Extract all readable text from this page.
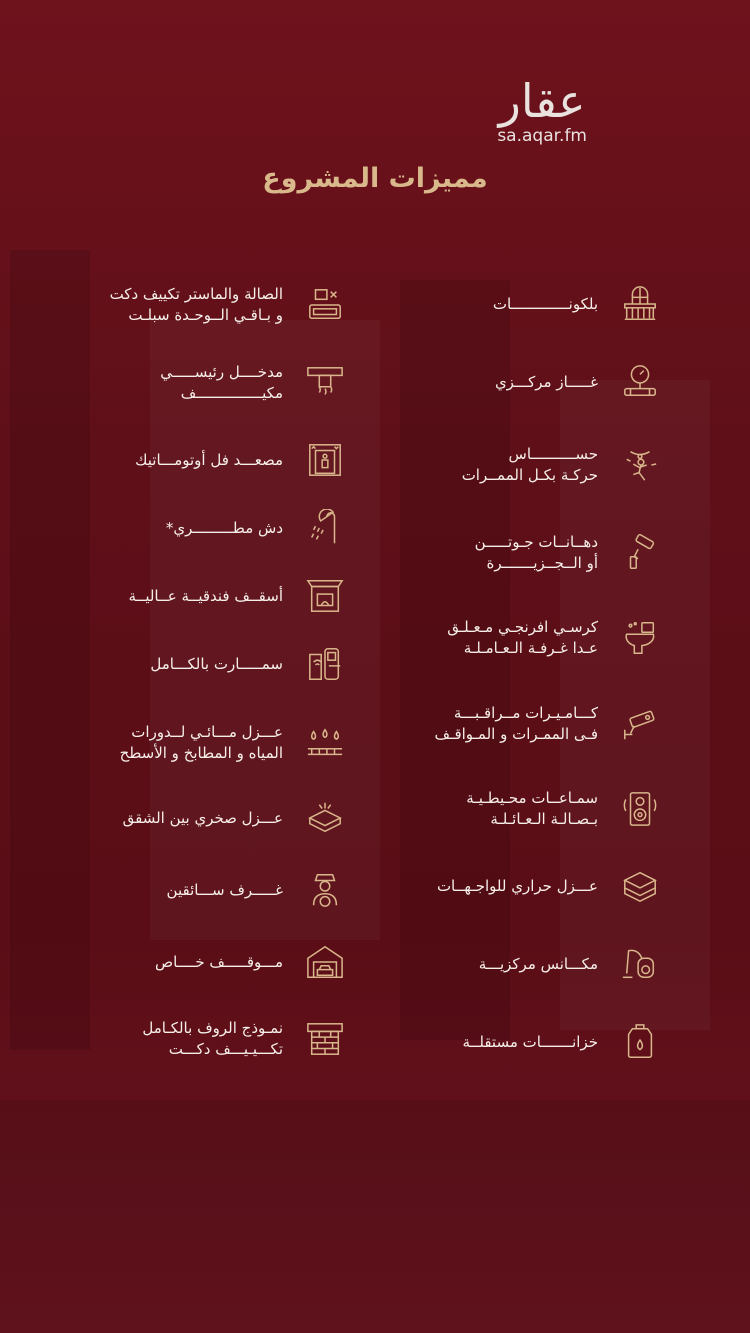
عقار
sa.aqar.fm
مميزات المشروع
بلكونـــــــــــــات
غـــــاز مركـــزي
حســــــــــاس
حركـة بكـل الممــرات
دهــانــات جـوتـــــن
أو الــجــزيـــــــرة
كرسـي افرنجـي مـعـلـق
عـدا غـرفـة الـعـامـلـة
كـــامـيـرات مــراقـبـــة
فـى الممـرات و المـواقـف
سمـاعــات محـيطـيـة
بـصـالـة الـعـائـلـة
عـــزل حراري للواجـهــات
مكـــانس مركزيـــة
خزانـــــــات مستقلــة
الصالة والماستر تكييف دكت
و بـاقـي الــوحـدة سبلـت
مدخــــل رئيســـــي
مكيـــــــــــــــف
مصعـــد فل أوتومـــاتيك
دش مطـــــــــري*
أسقــف فندقيــة عــاليــة
سمـــــارت بالكـــامل
عـــزل مـــائـي لــدورات
المياه و المطابخ و الأسطح
عـــزل صخري بين الشقق
غـــــرف ســـائقين
مـــوقـــــف خــــاص
نمـوذج الروف بالكـامل
تكـــيـيـــف دكـــت
